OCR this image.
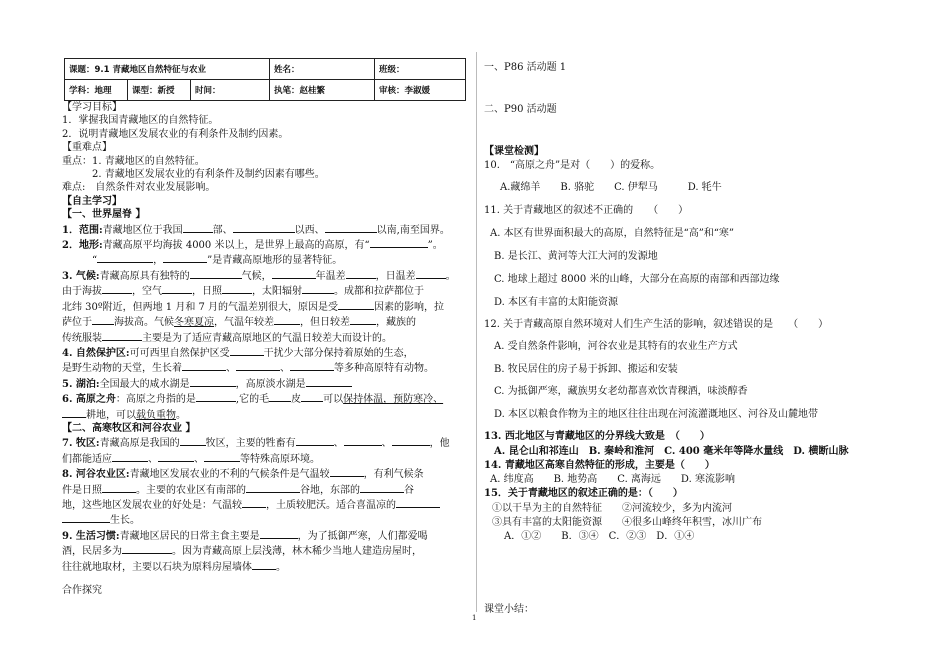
课题：9.1 青藏地区自然特征与农业			姓名：	班级：
学科：地理	课型：新授	时间：	执笔：赵桂繁	审核：李淑媛

【学习目标】

1．掌握我国青藏地区的自然特征。

2．说明青藏地区发展农业的有利条件及制约因素。

【重难点】

重点：1. 青藏地区的自然特征。

2. 青藏地区发展农业的有利条件及制约因素有哪些。

难点:　自然条件对农业发展影响。

【自主学习】

【一、世界屋脊 】

1．范围:青藏地区位于我国	部、	以西、	以南,南至国界。

2．地形:青藏高原平均海拔 4000 米以上，是世界上最高的高原，有“	”。

“	，	”是青藏高原地形的显著特征。

3. 气候:青藏高原具有独特的	气候，	年温差	，日温差	。

由于海拔	，空气	，日照	，太阳辐射	。成都和拉萨都位于

北纬 30º附近，但两地 1 月和 7 月的气温差别很大，原因是受	因素的影响，拉

萨位于 海拔高。气候冬寒夏凉，气温年较差	，但日较差	，藏族的

传统服装	主要是为了适应青藏高原地区的气温日较差大而设计的。

4. 自然保护区:可可西里自然保护区受	干扰少大部分保持着原始的生态，

是野生动物的天堂，生长着	、	、	等多种高原特有动物。

5. 湖泊:全国最大的咸水湖是	，高原淡水湖是

6. 高原之舟：高原之舟指的是	,它的毛 皮 可以保持体温，预防寒冷、

耕地，可以载负重物。

【二、高寒牧区和河谷农业 】

7. 牧区:青藏高原是我国的	牧区，主要的牲畜有	、	、	，他

们都能适应	、	、	等特殊高原环境。

8. 河谷农业区:青藏地区发展农业的不利的气候条件是气温较	，有利气候条

件是日照	。主要的农业区有南部的	谷地，东部的	谷

地，这些地区发展农业的好处是：气温较 ，土质较肥沃。适合喜温凉的

生长。

9. 生活习惯:青藏地区居民的日常主食主要是	，为了抵御严寒，人们都爱喝

酒，民居多为	。因为青藏高原上层浅薄，林木稀少当地人建造房屋时，

往往就地取材，主要以石块为原料房屋墙体 。

合作探究

一、P86 活动题 1

二、P90 活动题

【课堂检测】

10.　“高原之舟”是对（　　）的爱称。

A.藏绵羊　　B. 骆驼　　C. 伊犁马　　　D. 牦牛

11. 关于青藏地区的叙述不正确的　　（　　）

A. 本区有世界面积最大的高原，自然特征是“高”和“寒”

B. 是长江、黄河等大江大河的发源地

C. 地球上超过 8000 米的山峰，大部分在高原的南部和西部边缘

D. 本区有丰富的太阳能资源

12. 关于青藏高原自然环境对人们生产生活的影响，叙述错误的是　　（　　）

A. 受自然条件影响，河谷农业是其特有的农业生产方式

B. 牧民居住的房子易于拆卸、搬运和安装

C. 为抵御严寒，藏族男女老幼都喜欢饮青稞酒，味淡醇香

D. 本区以粮食作物为主的地区往往出现在河流灌溉地区、河谷及山麓地带

13. 西北地区与青藏地区的分界线大致是　（　　）

A. 昆仑山和祁连山　B. 秦岭和淮河　C. 400 毫米年等降水量线　D. 横断山脉

14. 青藏地区高寒自然特征的形成，主要是（　　）

A. 纬度高　　B. 地势高　　C. 离海远　　D. 寒流影响

15．关于青藏地区的叙述正确的是：（　　）

①以干旱为主的自然特征　　②河流较少，多为内流河

③具有丰富的太阳能资源　　④很多山峰终年积雪，冰川广布

A．①②　　B．③④　C．②③　D．①④

课堂小结：

1
